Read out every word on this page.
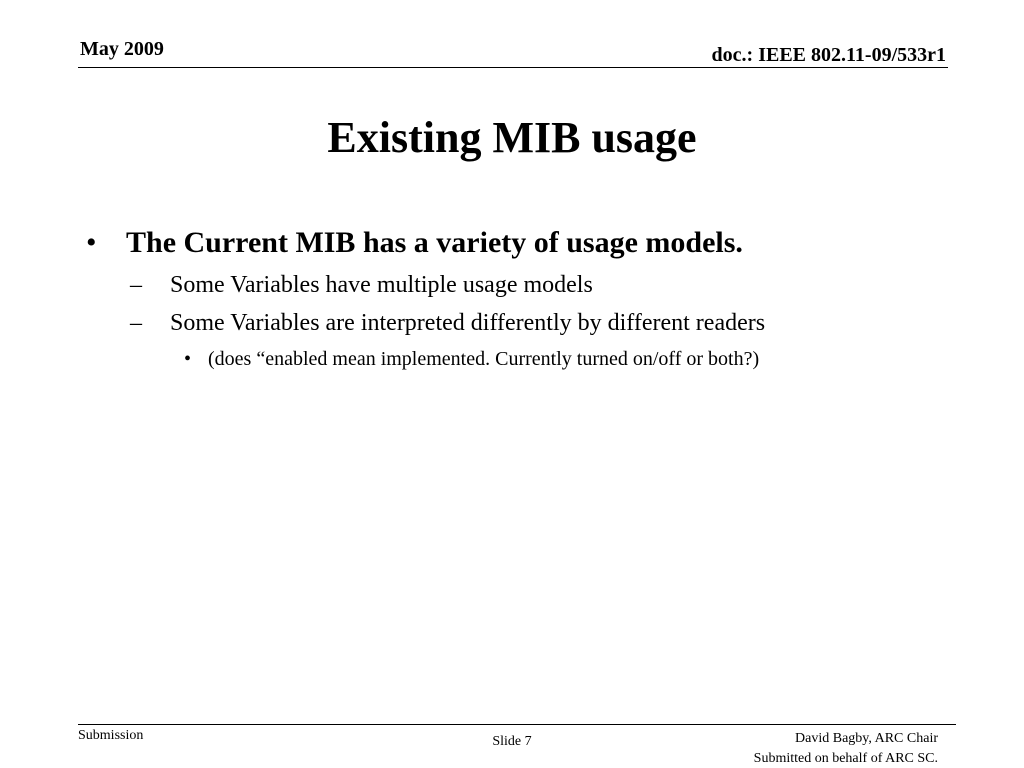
May 2009	doc.: IEEE 802.11-09/533r1
Existing MIB usage
• The Current MIB has a variety of usage models.
– Some Variables have multiple usage models
– Some Variables are interpreted differently by different readers
• (does “enabled mean implemented. Currently turned on/off or both?)
Submission	Slide 7	David Bagby, ARC Chair
Submitted on behalf of ARC SC.
